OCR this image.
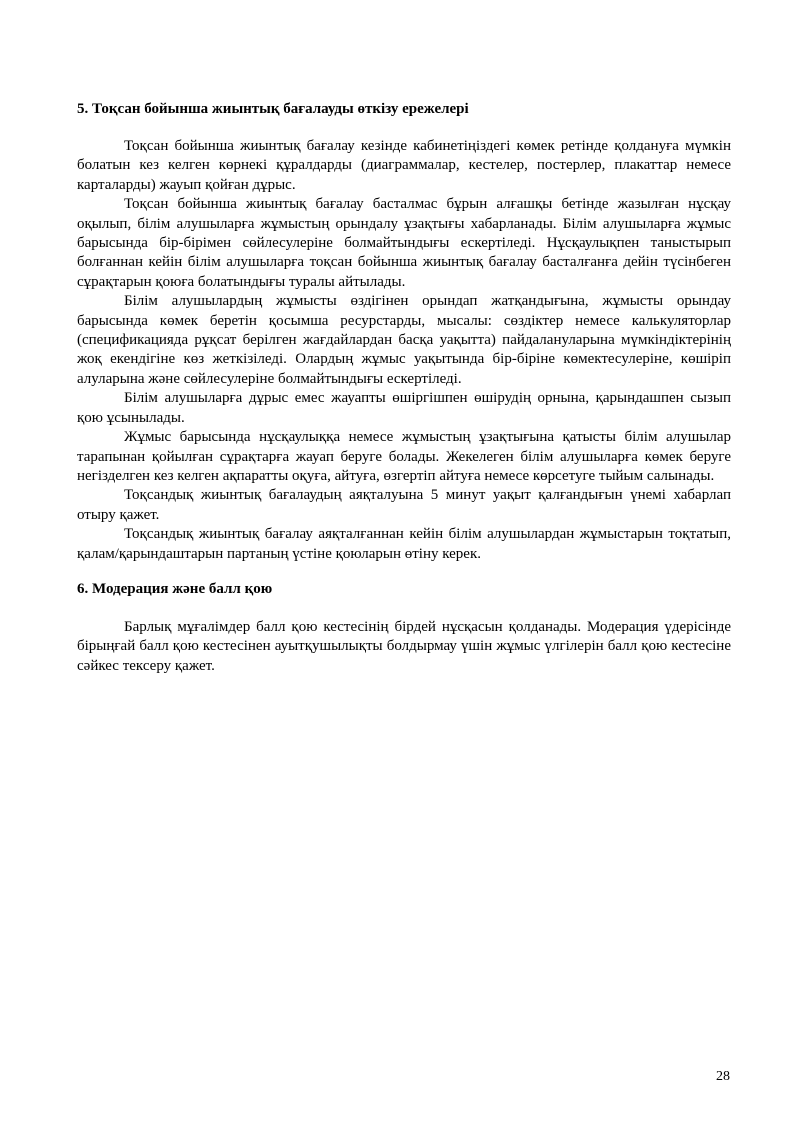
5. Тоқсан бойынша жиынтық бағалауды өткізу ережелері

Тоқсан бойынша жиынтық бағалау кезінде кабинетіңіздегі көмек ретінде қолдануға мүмкін болатын кез келген көрнекі құралдарды (диаграммалар, кестелер, постерлер, плакаттар немесе карталарды) жауып қойған дұрыс.

Тоқсан бойынша жиынтық бағалау басталмас бұрын алғашқы бетінде жазылған нұсқау оқылып, білім алушыларға жұмыстың орындалу ұзақтығы хабарланады. Білім алушыларға жұмыс барысында бір-бірімен сөйлесулеріне болмайтындығы ескертіледі. Нұсқаулықпен таныстырып болғаннан кейін білім алушыларға тоқсан бойынша жиынтық бағалау басталғанға дейін түсінбеген сұрақтарын қоюға болатындығы туралы айтылады.

Білім алушылардың жұмысты өздігінен орындап жатқандығына, жұмысты орындау барысында көмек беретін қосымша ресурстарды, мысалы: сөздіктер немесе калькуляторлар (спецификацияда рұқсат берілген жағдайлардан басқа уақытта) пайдалануларына мүмкіндіктерінің жоқ екендігіне көз жеткізіледі. Олардың жұмыс уақытында бір-біріне көмектесулеріне, көшіріп алуларына және сөйлесулеріне болмайтындығы ескертіледі.

Білім алушыларға дұрыс емес жауапты өшіргішпен өшірудің орнына, қарындашпен сызып қою ұсынылады.

Жұмыс барысында нұсқаулыққа немесе жұмыстың ұзақтығына қатысты білім алушылар тарапынан қойылған сұрақтарға жауап беруге болады. Жекелеген білім алушыларға көмек беруге негізделген кез келген ақпаратты оқуға, айтуға, өзгертіп айтуға немесе көрсетуге тыйым салынады.

Тоқсандық жиынтық бағалаудың аяқталуына 5 минут уақыт қалғандығын үнемі хабарлап отыру қажет.

Тоқсандық жиынтық бағалау аяқталғаннан кейін білім алушылардан жұмыстарын тоқтатып, қалам/қарындаштарын партаның үстіне қоюларын өтіну керек.

6. Модерация және балл қою

Барлық мұғалімдер балл қою кестесінің бірдей нұсқасын қолданады. Модерация үдерісінде бірыңғай балл қою кестесінен ауытқушылықты болдырмау үшін жұмыс үлгілерін балл қою кестесіне сәйкес тексеру қажет.

28
